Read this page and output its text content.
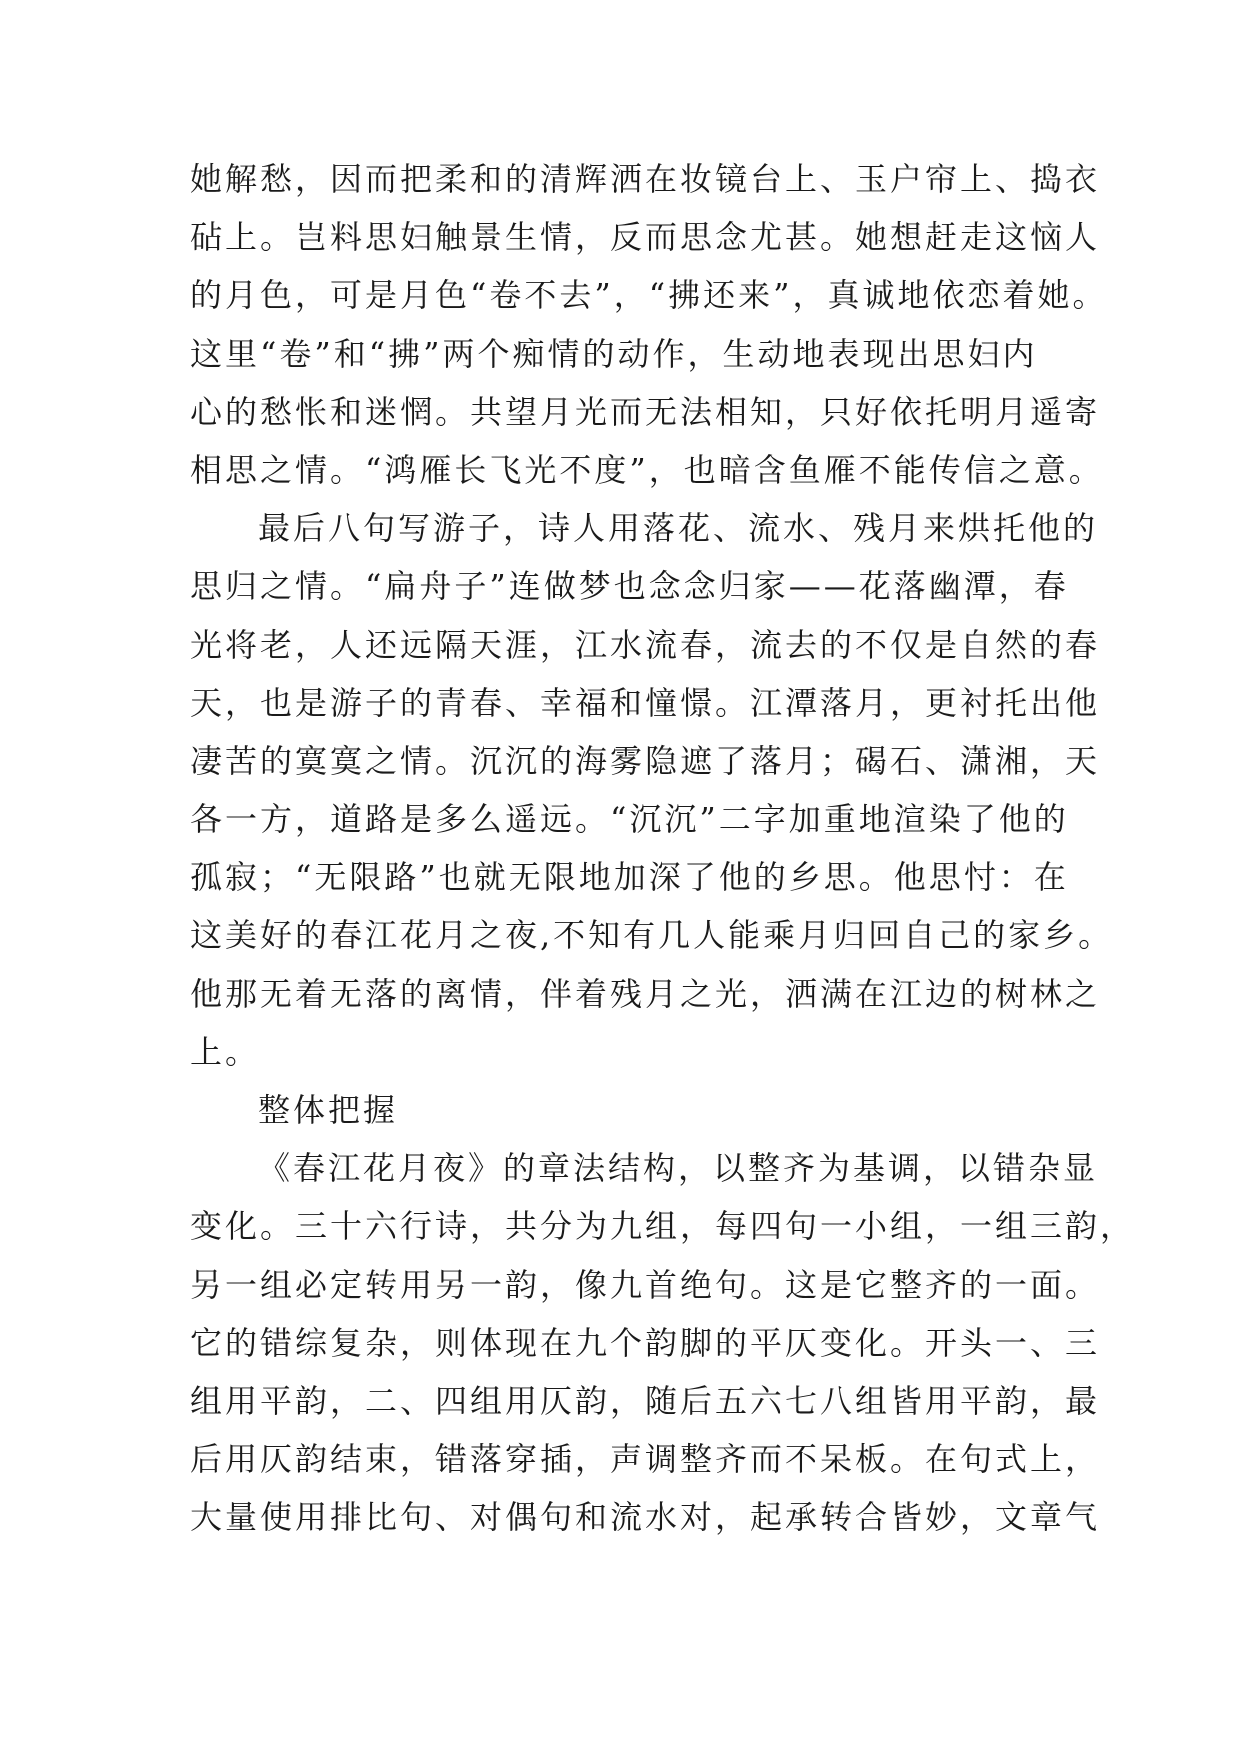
她解愁，因而把柔和的清辉洒在妆镜台上、玉户帘上、捣衣
砧上。岂料思妇触景生情，反而思念尤甚。她想赶走这恼人
的月色，可是月色“卷不去”，“拂还来”，真诚地依恋着她。
这里“卷”和“拂”两个痴情的动作，生动地表现出思妇内
心的愁怅和迷惘。共望月光而无法相知，只好依托明月遥寄
相思之情。“鸿雁长飞光不度”，也暗含鱼雁不能传信之意。
最后八句写游子，诗人用落花、流水、残月来烘托他的
思归之情。“扁舟子”连做梦也念念归家——花落幽潭，春
光将老，人还远隔天涯，江水流春，流去的不仅是自然的春
天，也是游子的青春、幸福和憧憬。江潭落月，更衬托出他
凄苦的寞寞之情。沉沉的海雾隐遮了落月；碣石、潇湘，天
各一方，道路是多么遥远。“沉沉”二字加重地渲染了他的
孤寂；“无限路”也就无限地加深了他的乡思。他思忖：在
这美好的春江花月之夜,不知有几人能乘月归回自己的家乡。
他那无着无落的离情，伴着残月之光，洒满在江边的树林之
上。
整体把握
《春江花月夜》的章法结构，以整齐为基调，以错杂显
变化。三十六行诗，共分为九组，每四句一小组，一组三韵，
另一组必定转用另一韵，像九首绝句。这是它整齐的一面。
它的错综复杂，则体现在九个韵脚的平仄变化。开头一、三
组用平韵，二、四组用仄韵，随后五六七八组皆用平韵，最
后用仄韵结束，错落穿插，声调整齐而不呆板。在句式上，
大量使用排比句、对偶句和流水对，起承转合皆妙，文章气
